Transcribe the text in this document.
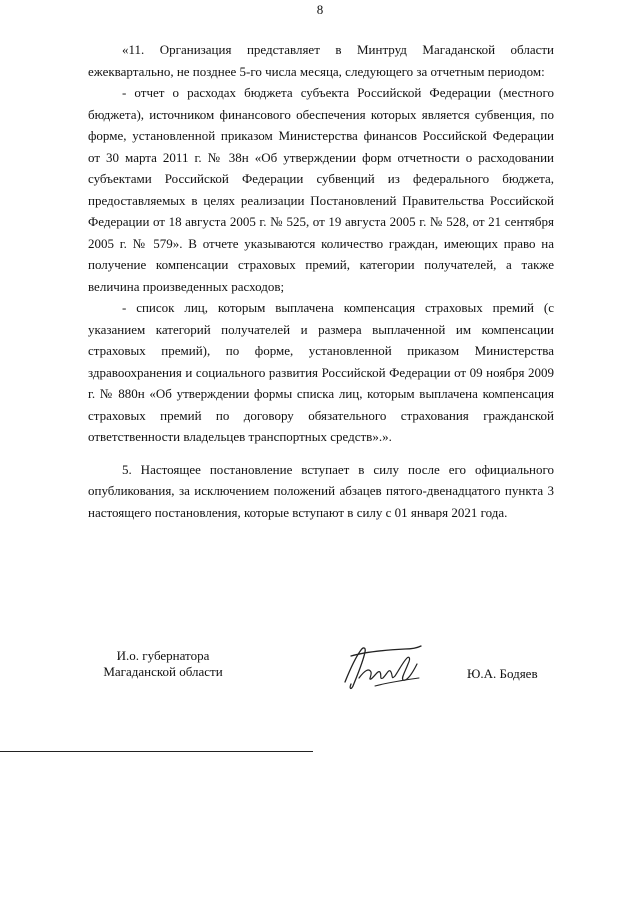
8

«11. Организация представляет в Минтруд Магаданской области ежеквартально, не позднее 5-го числа месяца, следующего за отчетным периодом:

- отчет о расходах бюджета субъекта Российской Федерации (местного бюджета), источником финансового обеспечения которых является субвенция, по форме, установленной приказом Министерства финансов Российской Федерации от 30 марта 2011 г. № 38н «Об утверждении форм отчетности о расходовании субъектами Российской Федерации субвенций из федерального бюджета, предоставляемых в целях реализации Постановлений Правительства Российской Федерации от 18 августа 2005 г. № 525, от 19 августа 2005 г. № 528, от 21 сентября 2005 г. № 579». В отчете указываются количество граждан, имеющих право на получение компенсации страховых премий, категории получателей, а также величина произведенных расходов;

- список лиц, которым выплачена компенсация страховых премий (с указанием категорий получателей и размера выплаченной им компенсации страховых премий), по форме, установленной приказом Министерства здравоохранения и социального развития Российской Федерации от 09 ноября 2009 г. № 880н «Об утверждении формы списка лиц, которым выплачена компенсация страховых премий по договору обязательного страхования гражданской ответственности владельцев транспортных средств».».

5. Настоящее постановление вступает в силу после его официального опубликования, за исключением положений абзацев пятого-двенадцатого пункта 3 настоящего постановления, которые вступают в силу с 01 января 2021 года.

И.о. губернатора
Магаданской области	Ю.А. Бодяев
